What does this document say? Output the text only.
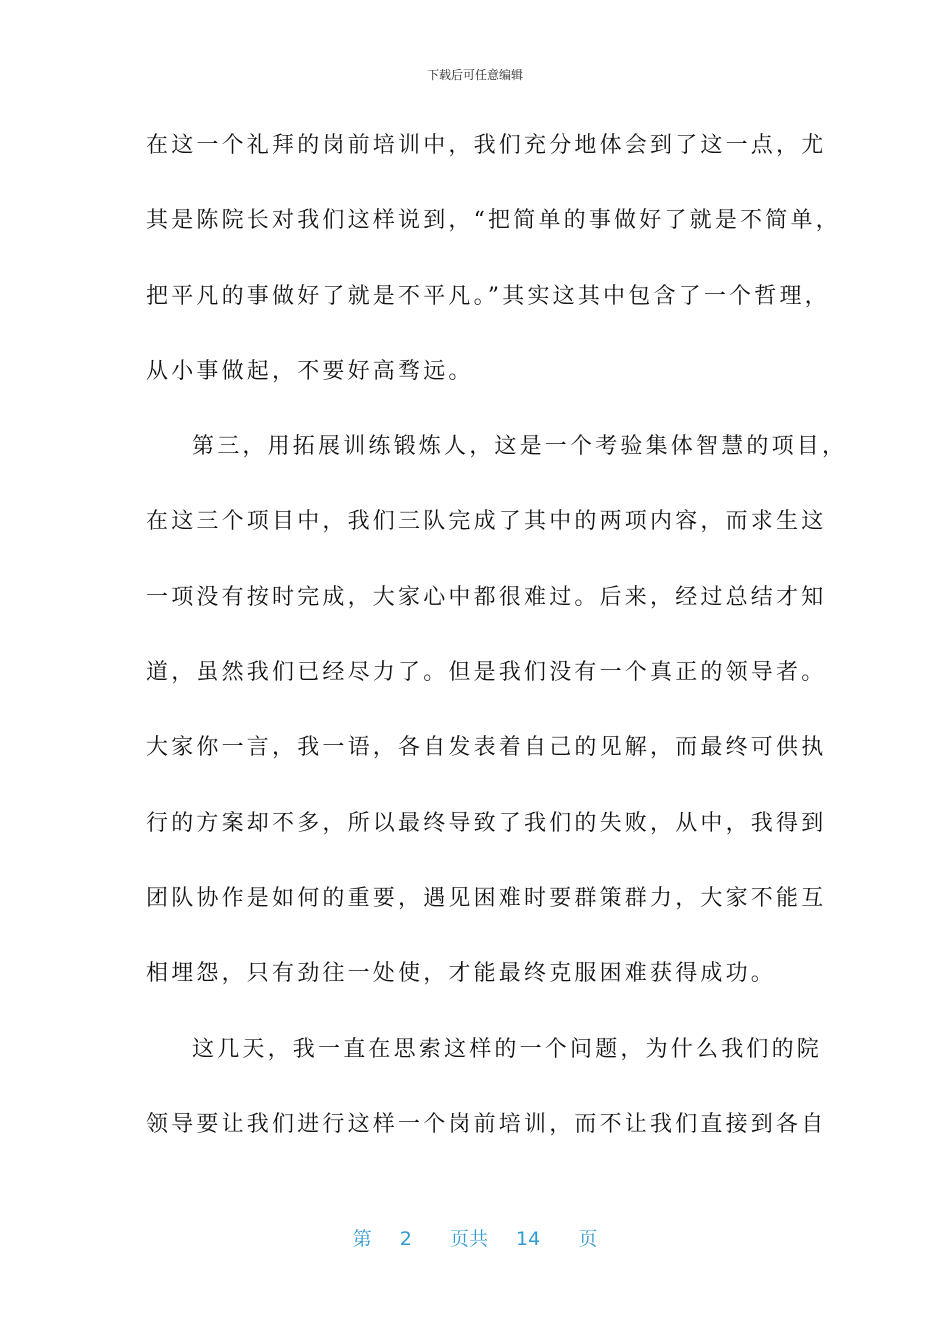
下载后可任意编辑
在这一个礼拜的岗前培训中，我们充分地体会到了这一点，尤
其是陈院长对我们这样说到，“把简单的事做好了就是不简单，
把平凡的事做好了就是不平凡。”其实这其中包含了一个哲理，
从小事做起，不要好高骛远。
第三，用拓展训练锻炼人，这是一个考验集体智慧的项目，
在这三个项目中，我们三队完成了其中的两项内容，而求生这
一项没有按时完成，大家心中都很难过。后来，经过总结才知
道，虽然我们已经尽力了。但是我们没有一个真正的领导者。
大家你一言，我一语，各自发表着自己的见解，而最终可供执
行的方案却不多，所以最终导致了我们的失败，从中，我得到
团队协作是如何的重要，遇见困难时要群策群力，大家不能互
相埋怨，只有劲往一处使，才能最终克服困难获得成功。
这几天，我一直在思索这样的一个问题，为什么我们的院
领导要让我们进行这样一个岗前培训，而不让我们直接到各自
第 2 页共 14 页
